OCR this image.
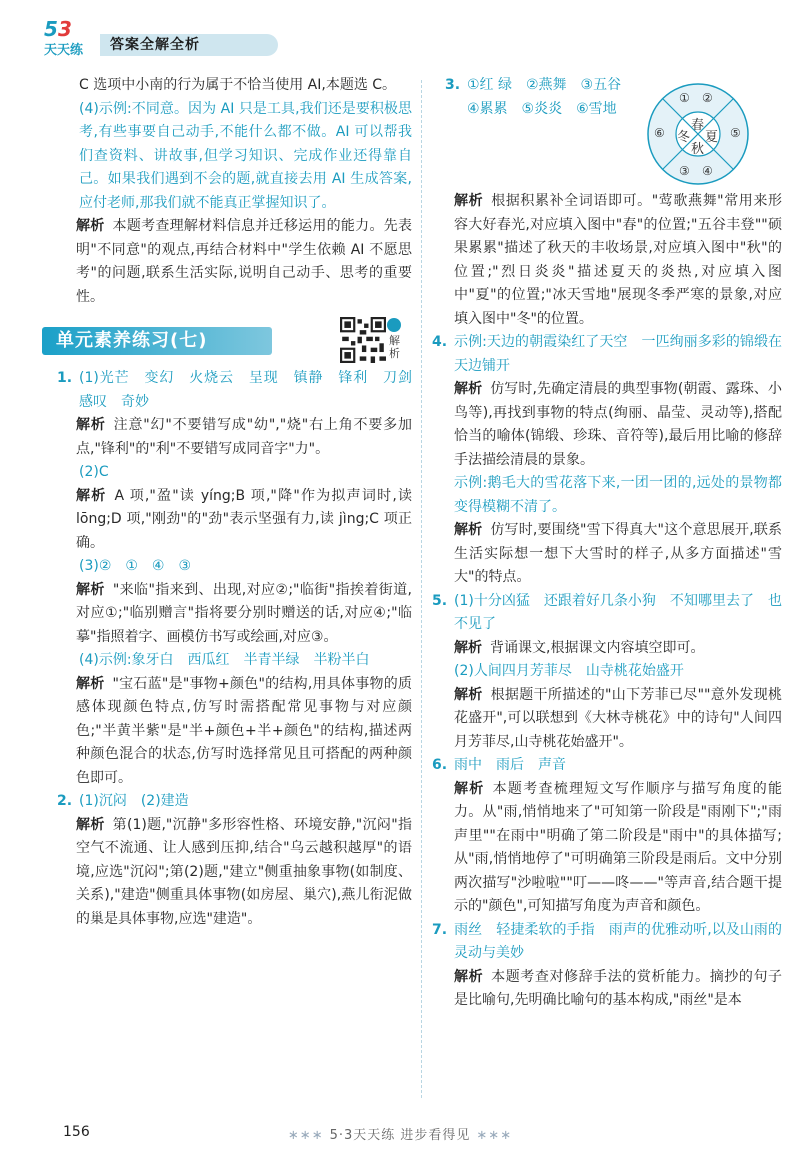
5 3
天天练	答案全解全析

C 选项中小南的行为属于不恰当使用 AI,本题选 C。

(4)示例:不同意。因为 AI 只是工具,我们还是要积极思考,有些事要自己动手,不能什么都不做。AI 可以帮我们查资料、讲故事,但学习知识、完成作业还得靠自己。如果我们遇到不会的题,就直接去用 AI 生成答案,应付老师,那我们就不能真正掌握知识了。

解析 本题考查理解材料信息并迁移运用的能力。先表明"不同意"的观点,再结合材料中"学生依赖 AI 不愿思考"的问题,联系生活实际,说明自己动手、思考的重要性。

单元素养练习(七)	解析

1. (1)光芒　变幻　火烧云　呈现　镇静　锋利　刀剑　感叹　奇妙

解析 注意"幻"不要错写成"幼","烧"右上角不要多加点,"锋利"的"利"不要错写成同音字"力"。

(2)C

解析 A 项,"盈"读 yíng;B 项,"降"作为拟声词时,读 lōng;D 项,"刚劲"的"劲"表示坚强有力,读 jìng;C 项正确。

(3)②　①　④　③

解析 "来临"指来到、出现,对应②;"临街"指挨着街道,对应①;"临别赠言"指将要分别时赠送的话,对应④;"临摹"指照着字、画模仿书写或绘画,对应③。

(4)示例:象牙白　西瓜红　半青半绿　半粉半白

解析 "宝石蓝"是"事物+颜色"的结构,用具体事物的质感体现颜色特点,仿写时需搭配常见事物与对应颜色;"半黄半紫"是"半+颜色+半+颜色"的结构,描述两种颜色混合的状态,仿写时选择常见且可搭配的两种颜色即可。

2. (1)沉闷　(2)建造

解析 第(1)题,"沉静"多形容性格、环境安静,"沉闷"指空气不流通、让人感到压抑,结合"乌云越积越厚"的语境,应选"沉闷";第(2)题,"建立"侧重抽象事物(如制度、关系),"建造"侧重具体事物(如房屋、巢穴),燕儿衔泥做的巢是具体事物,应选"建造"。

3. ①红 绿　②燕舞　③五谷

④累累　⑤炎炎　⑥雪地

春
冬 夏
秋
① ②
③ ④
⑤
⑥

解析 根据积累补全词语即可。"莺歌燕舞"常用来形容大好春光,对应填入图中"春"的位置;"五谷丰登""硕果累累"描述了秋天的丰收场景,对应填入图中"秋"的位置;"烈日炎炎"描述夏天的炎热,对应填入图中"夏"的位置;"冰天雪地"展现冬季严寒的景象,对应填入图中"冬"的位置。

4. 示例:天边的朝霞染红了天空　一匹绚丽多彩的锦缎在天边铺开

解析 仿写时,先确定清晨的典型事物(朝霞、露珠、小鸟等),再找到事物的特点(绚丽、晶莹、灵动等),搭配恰当的喻体(锦缎、珍珠、音符等),最后用比喻的修辞手法描绘清晨的景象。

示例:鹅毛大的雪花落下来,一团一团的,远处的景物都变得模糊不清了。

解析 仿写时,要围绕"雪下得真大"这个意思展开,联系生活实际想一想下大雪时的样子,从多方面描述"雪大"的特点。

5. (1)十分凶猛　还跟着好几条小狗　不知哪里去了　也不见了

解析 背诵课文,根据课文内容填空即可。

(2)人间四月芳菲尽　山寺桃花始盛开

解析 根据题干所描述的"山下芳菲已尽""意外发现桃花盛开",可以联想到《大林寺桃花》中的诗句"人间四月芳菲尽,山寺桃花始盛开"。

6. 雨中　雨后　声音

解析 本题考查梳理短文写作顺序与描写角度的能力。从"雨,悄悄地来了"可知第一阶段是"雨刚下";"雨声里""在雨中"明确了第二阶段是"雨中"的具体描写;从"雨,悄悄地停了"可明确第三阶段是雨后。文中分别两次描写"沙啦啦""叮——咚——"等声音,结合题干提示的"颜色",可知描写角度为声音和颜色。

7. 雨丝　轻捷柔软的手指　雨声的优雅动听,以及山雨的灵动与美妙

解析 本题考查对修辞手法的赏析能力。摘抄的句子是比喻句,先明确比喻句的基本构成,"雨丝"是本

156	∗∗∗ 5·3天天练 进步看得见 ∗∗∗
